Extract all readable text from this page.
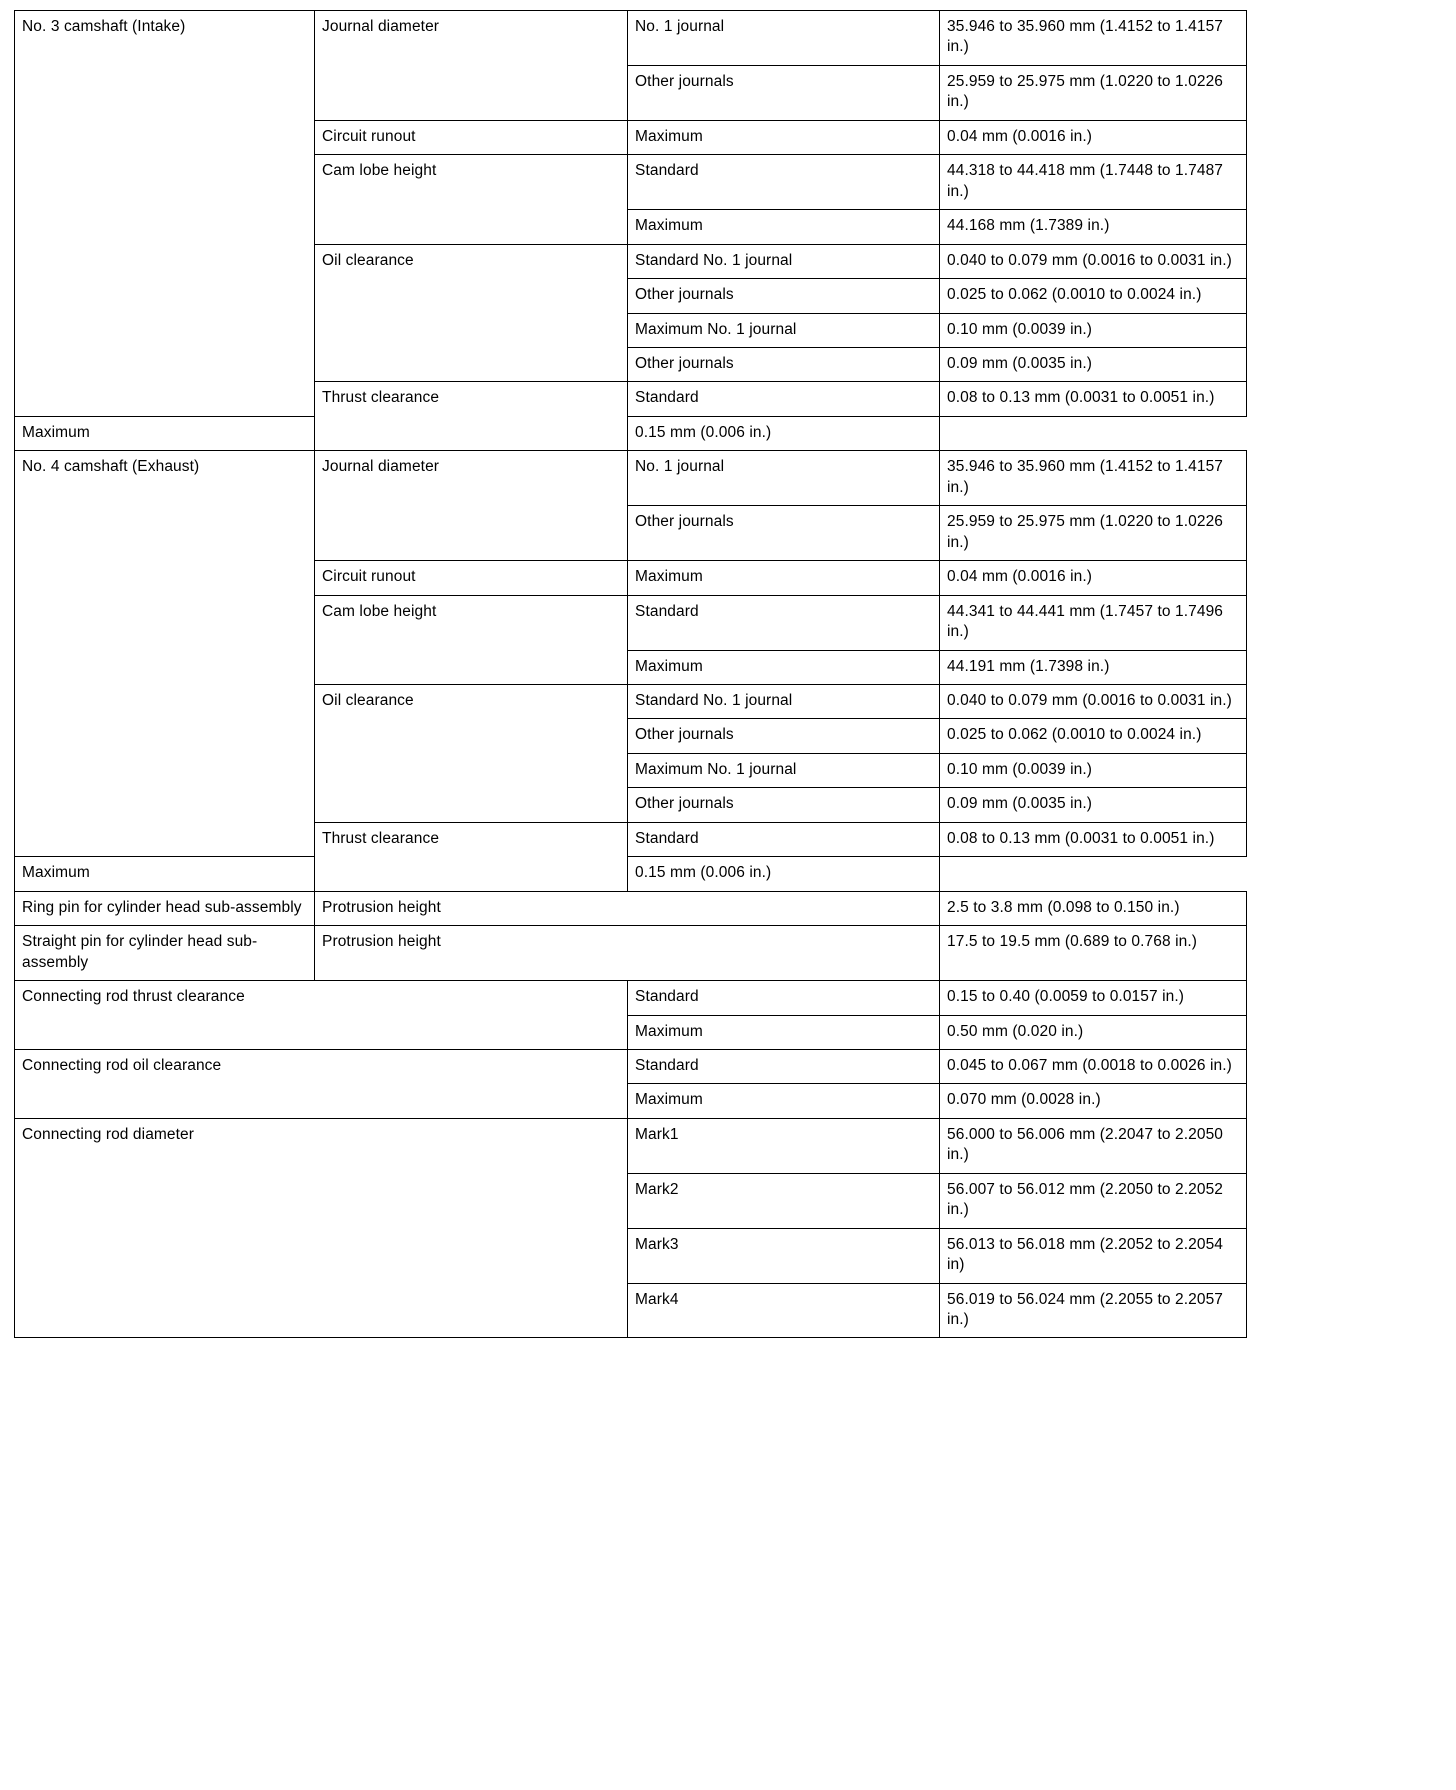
No. 3 camshaft (Intake)	Journal diameter	No. 1 journal	35.946 to 35.960 mm (1.4152 to 1.4157 in.)

		Other journals	25.959 to 25.975 mm (1.0220 to 1.0226 in.)

	Circuit runout	Maximum	0.04 mm (0.0016 in.)

	Cam lobe height	Standard	44.318 to 44.418 mm (1.7448 to 1.7487 in.)

		Maximum	44.168 mm (1.7389 in.)

	Oil clearance	Standard No. 1 journal	0.040 to 0.079 mm (0.0016 to 0.0031 in.)

		Other journals	0.025 to 0.062 (0.0010 to 0.0024 in.)

		Maximum No. 1 journal	0.10 mm (0.0039 in.)

		Other journals	0.09 mm (0.0035 in.)

	Thrust clearance	Standard	0.08 to 0.13 mm (0.0031 to 0.0051 in.)

Maximum		0.15 mm (0.006 in.)	

No. 4 camshaft (Exhaust)	Journal diameter	No. 1 journal	35.946 to 35.960 mm (1.4152 to 1.4157 in.)

		Other journals	25.959 to 25.975 mm (1.0220 to 1.0226 in.)

	Circuit runout	Maximum	0.04 mm (0.0016 in.)

	Cam lobe height	Standard	44.341 to 44.441 mm (1.7457 to 1.7496 in.)

		Maximum	44.191 mm (1.7398 in.)

	Oil clearance	Standard No. 1 journal	0.040 to 0.079 mm (0.0016 to 0.0031 in.)

		Other journals	0.025 to 0.062 (0.0010 to 0.0024 in.)

		Maximum No. 1 journal	0.10 mm (0.0039 in.)

		Other journals	0.09 mm (0.0035 in.)

	Thrust clearance	Standard	0.08 to 0.13 mm (0.0031 to 0.0051 in.)

Maximum		0.15 mm (0.006 in.)	

Ring pin for cylinder head sub-assembly	Protrusion height		2.5 to 3.8 mm (0.098 to 0.150 in.)

Straight pin for cylinder head sub-assembly	Protrusion height		17.5 to 19.5 mm (0.689 to 0.768 in.)

Connecting rod thrust clearance		Standard	0.15 to 0.40 (0.0059 to 0.0157 in.)

		Maximum	0.50 mm (0.020 in.)

Connecting rod oil clearance		Standard	0.045 to 0.067 mm (0.0018 to 0.0026 in.)

		Maximum	0.070 mm (0.0028 in.)

Connecting rod diameter		Mark1	56.000 to 56.006 mm (2.2047 to 2.2050 in.)

		Mark2	56.007 to 56.012 mm (2.2050 to 2.2052 in.)

		Mark3	56.013 to 56.018 mm (2.2052 to 2.2054 in)

		Mark4	56.019 to 56.024 mm (2.2055 to 2.2057 in.)
